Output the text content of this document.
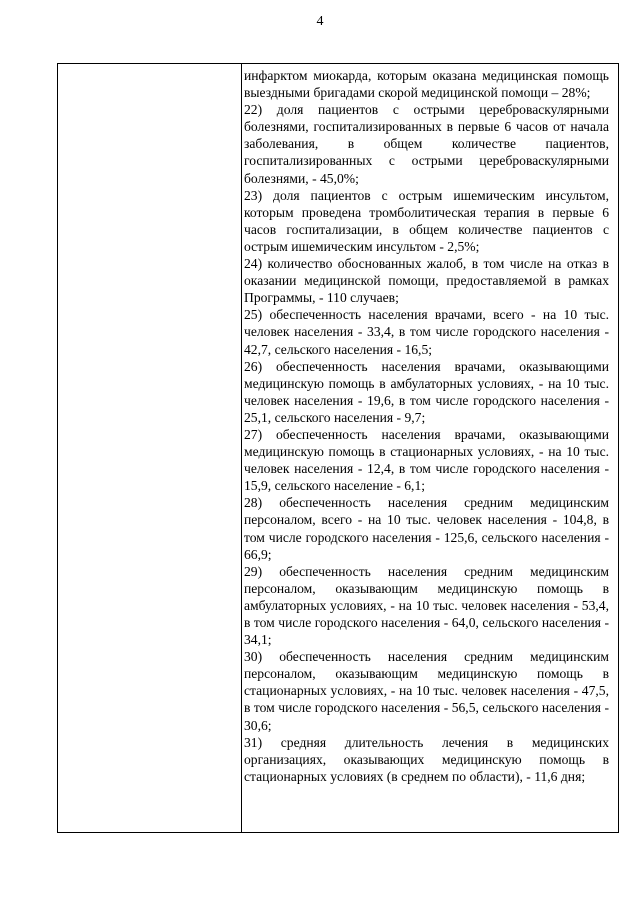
4

инфарктом миокарда, которым оказана медицинская помощь выездными бригадами скорой медицинской помощи – 28%;

22) доля пациентов с острыми цереброваскулярными болезнями, госпитализированных в первые 6 часов от начала заболевания, в общем количестве пациентов, госпитализированных с острыми цереброваскулярными болезнями, - 45,0%;

23) доля пациентов с острым ишемическим инсультом, которым проведена тромболитическая терапия в первые 6 часов госпитализации, в общем количестве пациентов с острым ишемическим инсультом - 2,5%;

24) количество обоснованных жалоб, в том числе на отказ в оказании медицинской помощи, предоставляемой в рамках Программы, - 110 случаев;

25) обеспеченность населения врачами, всего - на 10 тыс. человек населения - 33,4, в том числе городского населения - 42,7, сельского населения - 16,5;

26) обеспеченность населения врачами, оказывающими медицинскую помощь в амбулаторных условиях, - на 10 тыс. человек населения - 19,6, в том числе городского населения - 25,1, сельского населения - 9,7;

27) обеспеченность населения врачами, оказывающими медицинскую помощь в стационарных условиях, - на 10 тыс. человек населения - 12,4, в том числе городского населения - 15,9, сельского население - 6,1;

28) обеспеченность населения средним медицинским персоналом, всего - на 10 тыс. человек населения - 104,8, в том числе городского населения - 125,6, сельского населения - 66,9;

29) обеспеченность населения средним медицинским персоналом, оказывающим медицинскую помощь в амбулаторных условиях, - на 10 тыс. человек населения - 53,4, в том числе городского населения - 64,0, сельского населения - 34,1;

30) обеспеченность населения средним медицинским персоналом, оказывающим медицинскую помощь в стационарных условиях, - на 10 тыс. человек населения - 47,5, в том числе городского населения - 56,5, сельского населения - 30,6;

31) средняя длительность лечения в медицинских организациях, оказывающих медицинскую помощь в стационарных условиях (в среднем по области), - 11,6 дня;
